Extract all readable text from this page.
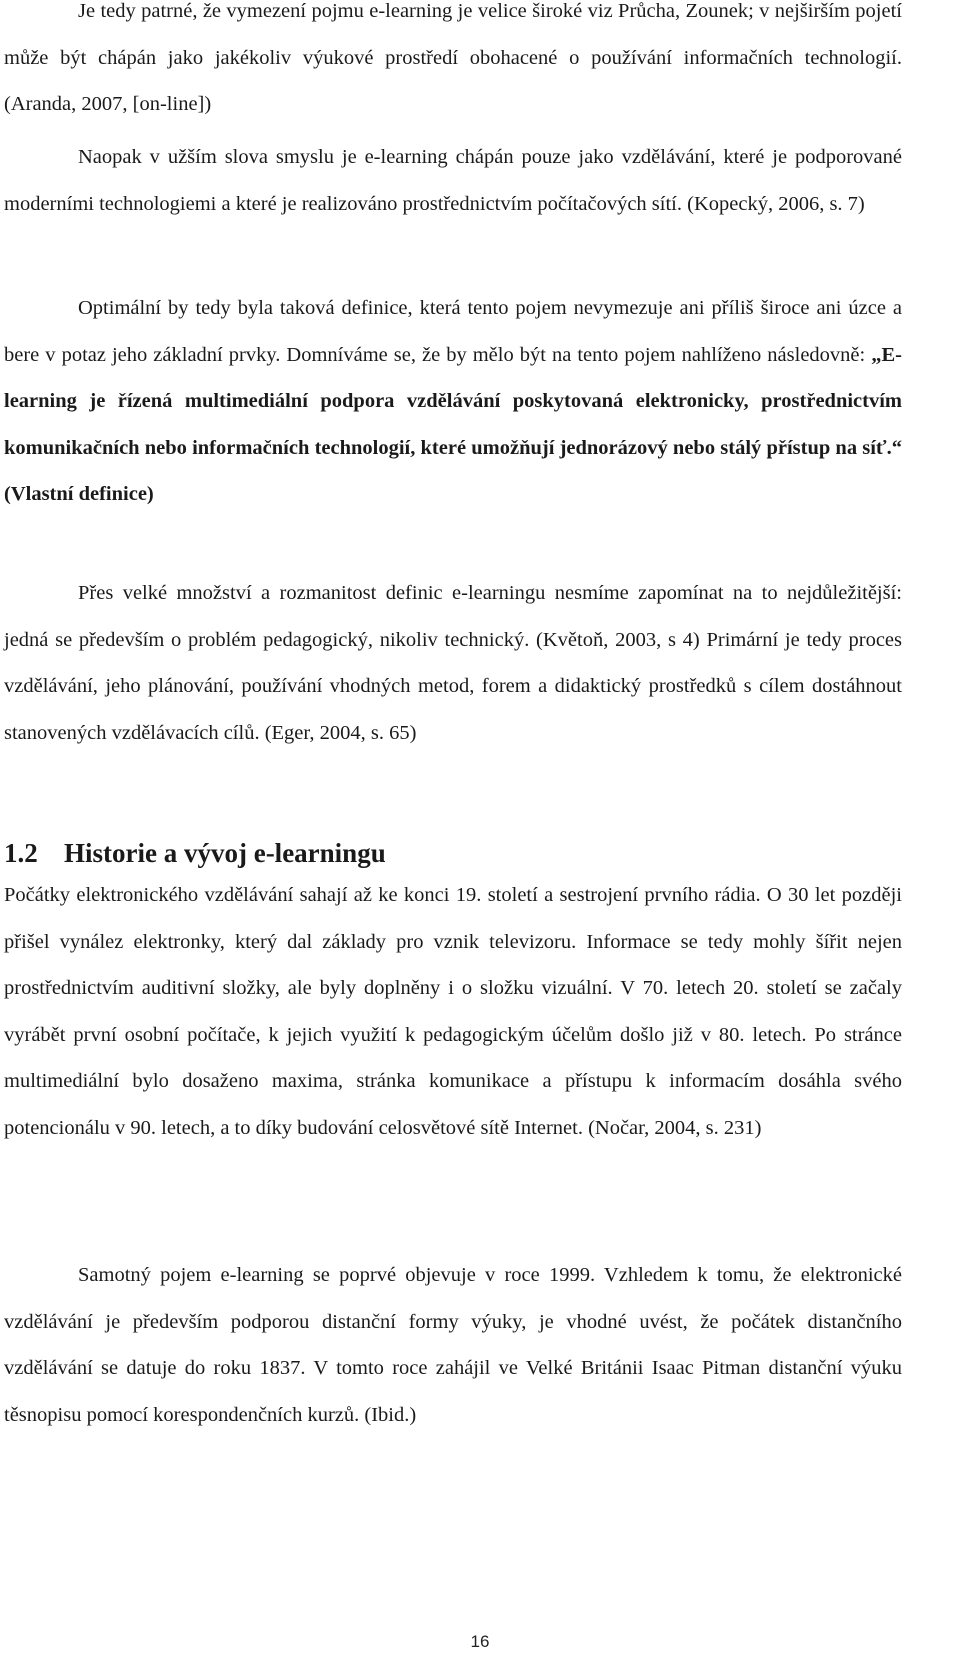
Je tedy patrné, že vymezení pojmu e-learning je velice široké viz Průcha, Zounek; v nejširším pojetí může být chápán jako jakékoliv výukové prostředí obohacené o používání informačních technologií. (Aranda, 2007, [on-line])

Naopak v užším slova smyslu je e-learning chápán pouze jako vzdělávání, které je podporované moderními technologiemi a které je realizováno prostřednictvím počítačových sítí. (Kopecký, 2006, s. 7)

Optimální by tedy byla taková definice, která tento pojem nevymezuje ani příliš široce ani úzce a bere v potaz jeho základní prvky. Domníváme se, že by mělo být na tento pojem nahlíženo následovně: „E-learning je řízená multimediální podpora vzdělávání poskytovaná elektronicky, prostřednictvím komunikačních nebo informačních technologií, které umožňují jednorázový nebo stálý přístup na síť.“ (Vlastní definice)

Přes velké množství a rozmanitost definic e-learningu nesmíme zapomínat na to nejdůležitější: jedná se především o problém pedagogický, nikoliv technický. (Květoň, 2003, s 4) Primární je tedy proces vzdělávání, jeho plánování, používání vhodných metod, forem a didaktický prostředků s cílem dostáhnout stanovených vzdělávacích cílů. (Eger, 2004, s. 65)

1.2 Historie a vývoj e-learningu

Počátky elektronického vzdělávání sahají až ke konci 19. století a sestrojení prvního rádia. O 30 let později přišel vynález elektronky, který dal základy pro vznik televizoru. Informace se tedy mohly šířit nejen prostřednictvím auditivní složky, ale byly doplněny i o složku vizuální. V 70. letech 20. století se začaly vyrábět první osobní počítače, k jejich využití k pedagogickým účelům došlo již v 80. letech. Po stránce multimediální bylo dosaženo maxima, stránka komunikace a přístupu k informacím dosáhla svého potencionálu v 90. letech, a to díky budování celosvětové sítě Internet. (Nočar, 2004, s. 231)

Samotný pojem e-learning se poprvé objevuje v roce 1999. Vzhledem k tomu, že elektronické vzdělávání je především podporou distanční formy výuky, je vhodné uvést, že počátek distančního vzdělávání se datuje do roku 1837. V tomto roce zahájil ve Velké Británii Isaac Pitman distanční výuku těsnopisu pomocí korespondenčních kurzů. (Ibid.)

16
